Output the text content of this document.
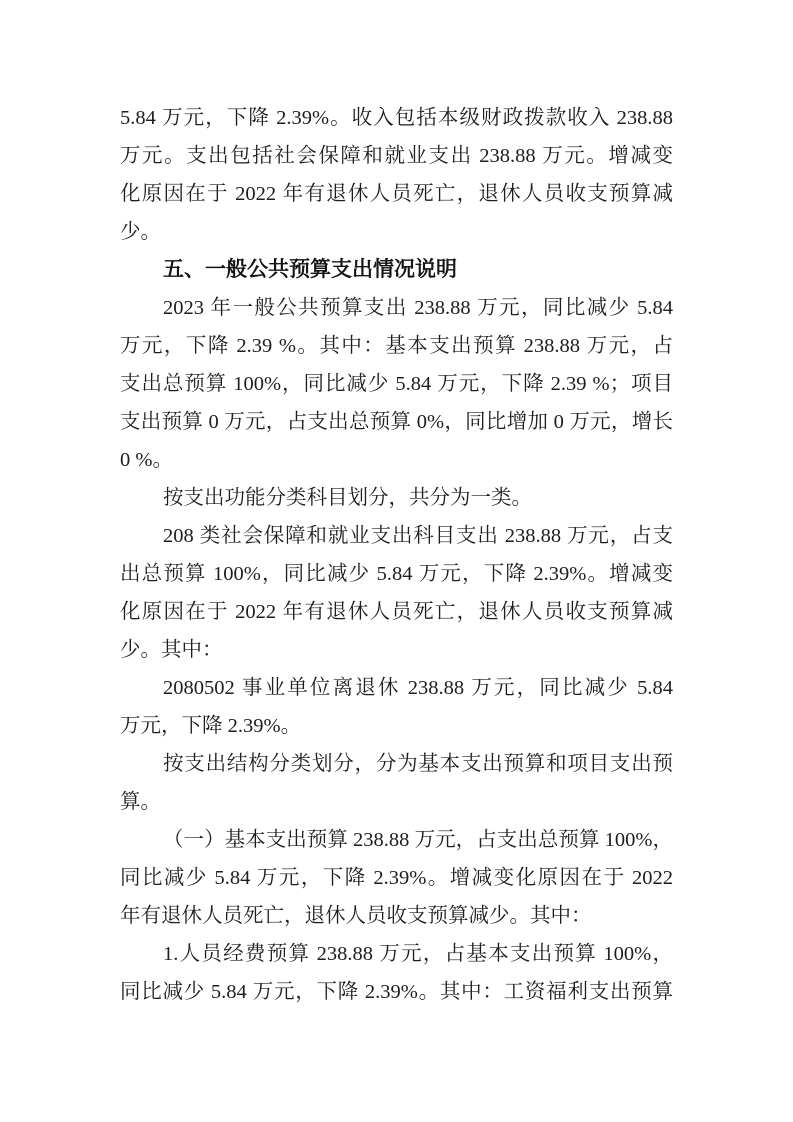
5.84 万元，下降 2.39%。收入包括本级财政拨款收入 238.88
万元。支出包括社会保障和就业支出 238.88 万元。增减变
化原因在于 2022 年有退休人员死亡，退休人员收支预算减
少。
五、一般公共预算支出情况说明
2023 年一般公共预算支出 238.88 万元，同比减少 5.84
万元，下降 2.39 %。其中：基本支出预算 238.88 万元，占
支出总预算 100%，同比减少 5.84 万元，下降 2.39 %；项目
支出预算 0 万元，占支出总预算 0%，同比增加 0 万元，增长
0 %。
按支出功能分类科目划分，共分为一类。
208 类社会保障和就业支出科目支出 238.88 万元，占支
出总预算 100%，同比减少 5.84 万元，下降 2.39%。增减变
化原因在于 2022 年有退休人员死亡，退休人员收支预算减
少。其中：
2080502 事业单位离退休 238.88 万元，同比减少 5.84
万元，下降 2.39%。
按支出结构分类划分，分为基本支出预算和项目支出预
算。
（一）基本支出预算 238.88 万元，占支出总预算 100%，
同比减少 5.84 万元，下降 2.39%。增减变化原因在于 2022
年有退休人员死亡，退休人员收支预算减少。其中：
1.人员经费预算 238.88 万元，占基本支出预算 100%，
同比减少 5.84 万元，下降 2.39%。其中：工资福利支出预算
